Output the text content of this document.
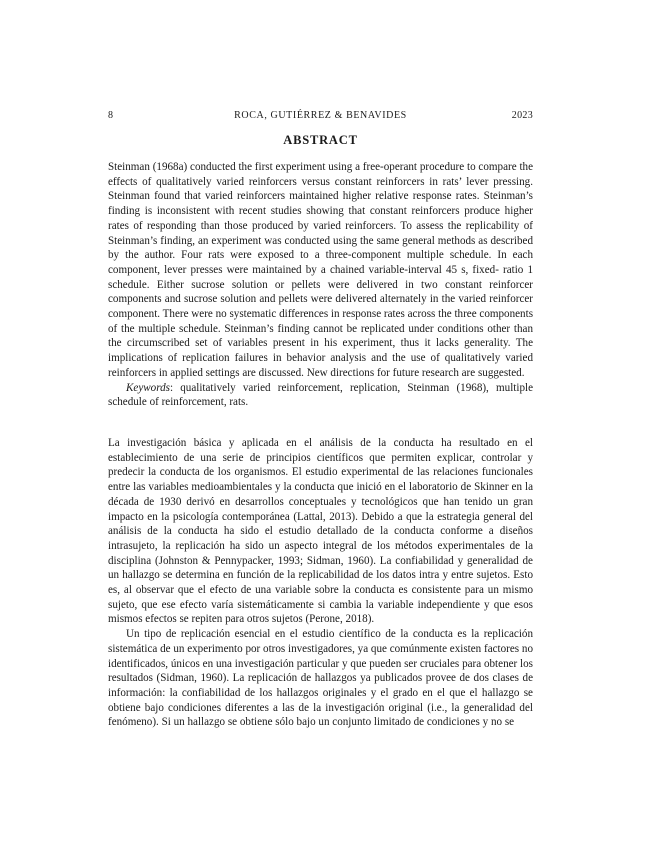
8	ROCA, GUTIÉRREZ & BENAVIDES	2023
ABSTRACT

Steinman (1968a) conducted the first experiment using a free-operant procedure to compare the effects of qualitatively varied reinforcers versus constant reinforcers in rats’ lever pressing. Steinman found that varied reinforcers maintained higher relative response rates. Steinman’s finding is inconsistent with recent studies showing that constant reinforcers produce higher rates of responding than those produced by varied reinforcers. To assess the replicability of Steinman’s finding, an experiment was conducted using the same general methods as described by the author. Four rats were exposed to a three-component multiple schedule. In each component, lever presses were maintained by a chained variable-interval 45 s, fixed- ratio 1 schedule. Either sucrose solution or pellets were delivered in two constant reinforcer components and sucrose solution and pellets were delivered alternately in the varied reinforcer component. There were no systematic differences in response rates across the three components of the multiple schedule. Steinman’s finding cannot be replicated under conditions other than the circumscribed set of variables present in his experiment, thus it lacks generality. The implications of replication failures in behavior analysis and the use of qualitatively varied reinforcers in applied settings are discussed. New directions for future research are suggested.

Keywords: qualitatively varied reinforcement, replication, Steinman (1968), multiple schedule of reinforcement, rats.

La investigación básica y aplicada en el análisis de la conducta ha resultado en el establecimiento de una serie de principios científicos que permiten explicar, controlar y predecir la conducta de los organismos. El estudio experimental de las relaciones funcionales entre las variables medioambientales y la conducta que inició en el laboratorio de Skinner en la década de 1930 derivó en desarrollos conceptuales y tecnológicos que han tenido un gran impacto en la psicología contemporánea (Lattal, 2013). Debido a que la estrategia general del análisis de la conducta ha sido el estudio detallado de la conducta conforme a diseños intrasujeto, la replicación ha sido un aspecto integral de los métodos experimentales de la disciplina (Johnston & Pennypacker, 1993; Sidman, 1960). La confiabilidad y generalidad de un hallazgo se determina en función de la replicabilidad de los datos intra y entre sujetos. Esto es, al observar que el efecto de una variable sobre la conducta es consistente para un mismo sujeto, que ese efecto varía sistemáticamente si cambia la variable independiente y que esos mismos efectos se repiten para otros sujetos (Perone, 2018).

Un tipo de replicación esencial en el estudio científico de la conducta es la replicación sistemática de un experimento por otros investigadores, ya que comúnmente existen factores no identificados, únicos en una investigación particular y que pueden ser cruciales para obtener los resultados (Sidman, 1960). La replicación de hallazgos ya publicados provee de dos clases de información: la confiabilidad de los hallazgos originales y el grado en el que el hallazgo se obtiene bajo condiciones diferentes a las de la investigación original (i.e., la generalidad del fenómeno). Si un hallazgo se obtiene sólo bajo un conjunto limitado de condiciones y no se
